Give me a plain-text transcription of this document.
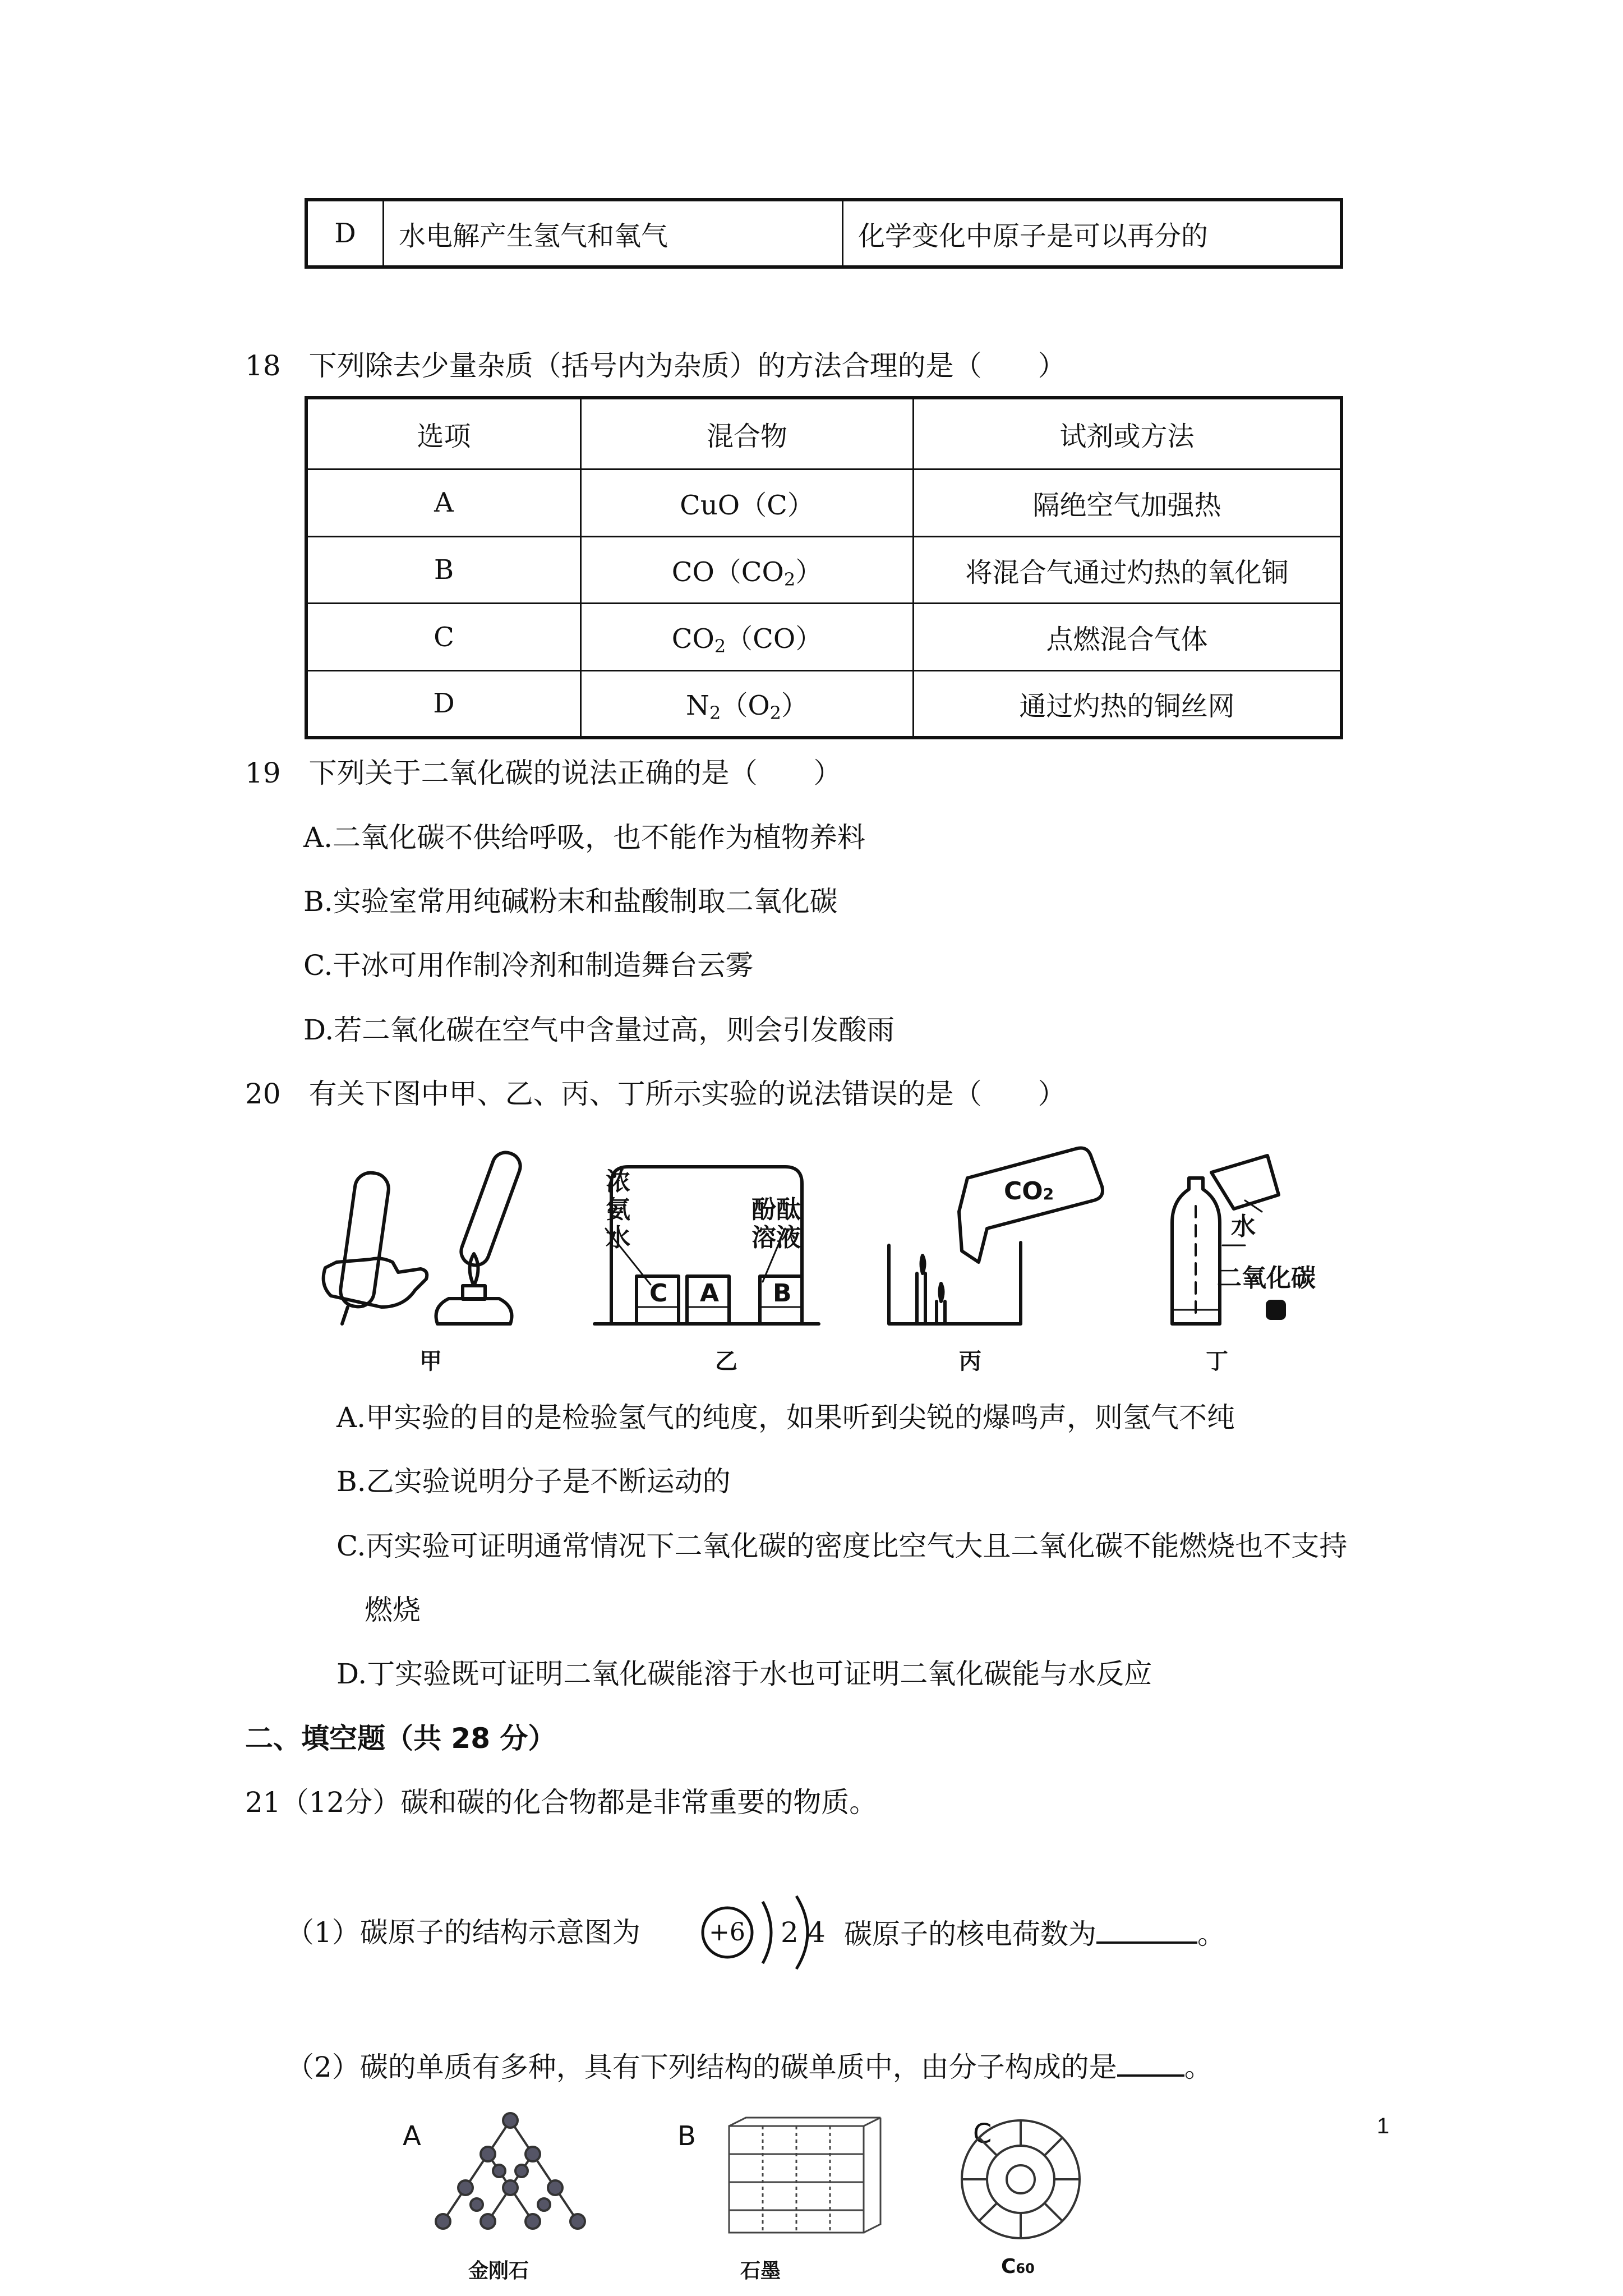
D	水电解产生氢气和氧气	化学变化中原子是可以再分的
18　下列除去少量杂质（括号内为杂质）的方法合理的是（　　）
选项	混合物	试剂或方法
A	CuO（C）	隔绝空气加强热
B	$CO(CO_2)$	将混合气通过灼热的氧化铜
C	$CO_2(CO)$	点燃混合气体
D	$N_2(O_2)$	通过灼热的铜丝网
19　下列关于二氧化碳的说法正确的是（　　）
A.二氧化碳不供给呼吸，也不能作为植物养料
B.实验室常用纯碱粉末和盐酸制取二氧化碳
C.干冰可用作制冷剂和制造舞台云雾
D.若二氧化碳在空气中含量过高，则会引发酸雨
20　有关下图中甲、乙、丙、丁所示实验的说法错误的是（　　）
浓
氨
水
酚酞
溶液
C A B
CO2
水
二氧化碳
甲	乙	丙	丁
A.甲实验的目的是检验氢气的纯度，如果听到尖锐的爆鸣声，则氢气不纯
B.乙实验说明分子是不断运动的
C.丙实验可证明通常情况下二氧化碳的密度比空气大且二氧化碳不能燃烧也不支持
燃烧
D.丁实验既可证明二氧化碳能溶于水也可证明二氧化碳能与水反应
二、填空题（共 28 分）
21（12分）碳和碳的化合物都是非常重要的物质。
（1）碳原子的结构示意图为	+6 2 4 碳原子的核电荷数为	。
（2）碳的单质有多种，具有下列结构的碳单质中，由分子构成的是 。
A	B	C
金刚石	石墨	C60
1
